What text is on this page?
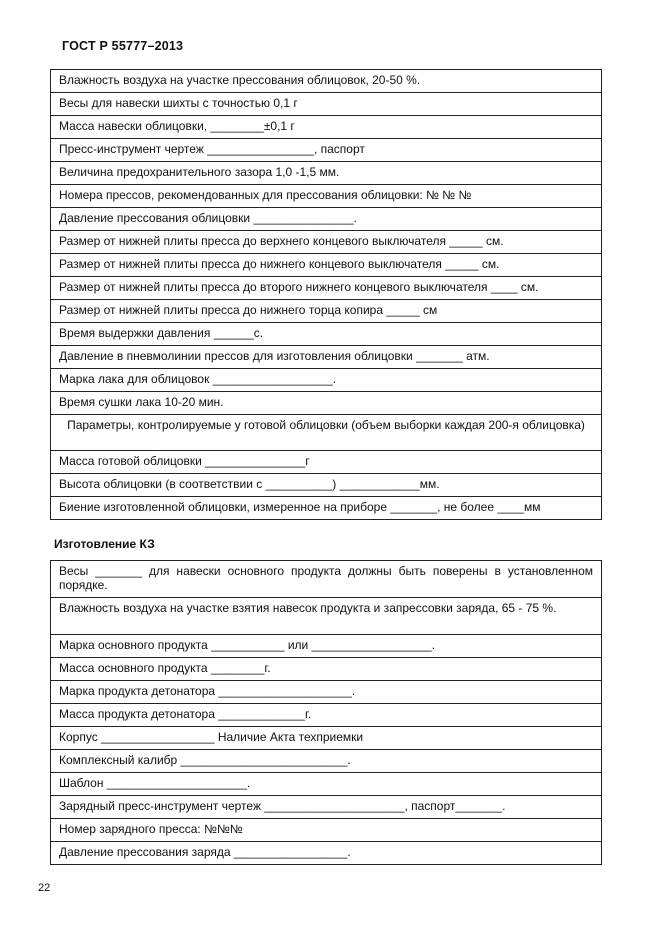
ГОСТ Р 55777–2013
Влажность воздуха на участке прессования облицовок, 20-50 %.
Весы для навески шихты с точностью 0,1 г
Масса навески облицовки, ________±0,1 г
Пресс-инструмент чертеж ________________, паспорт
Величина предохранительного зазора 1,0 -1,5 мм.
Номера прессов, рекомендованных для прессования облицовки: № № №
Давление прессования облицовки _______________.
Размер от нижней плиты пресса до верхнего концевого выключателя _____ см.
Размер от нижней плиты пресса до нижнего концевого выключателя _____ см.
Размер от нижней плиты пресса до второго нижнего концевого выключателя ____ см.
Размер от нижней плиты пресса до нижнего торца копира _____ см
Время выдержки давления ______с.
Давление в пневмолинии прессов для изготовления облицовки _______ атм.
Марка лака для облицовок __________________.
Время сушки лака 10-20 мин.
Параметры, контролируемые у готовой облицовки (объем выборки каждая 200-я облицовка)
Масса готовой облицовки _______________г
Высота облицовки (в соответствии с __________) ____________мм.
Биение изготовленной облицовки, измеренное на приборе _______, не более ____мм
Изготовление КЗ
Весы _______ для навески основного продукта должны быть поверены в установленном порядке.
Влажность воздуха на участке взятия навесок продукта и запрессовки заряда, 65 - 75 %.
Марка основного продукта ___________ или __________________.
Масса основного продукта ________г.
Марка продукта детонатора ____________________.
Масса продукта детонатора _____________г.
Корпус _________________ Наличие Акта техприемки
Комплексный калибр _________________________.
Шаблон _____________________.
Зарядный пресс-инструмент чертеж _____________________, паспорт_______.
Номер зарядного пресса: №№№
Давление прессования заряда _________________.
22
